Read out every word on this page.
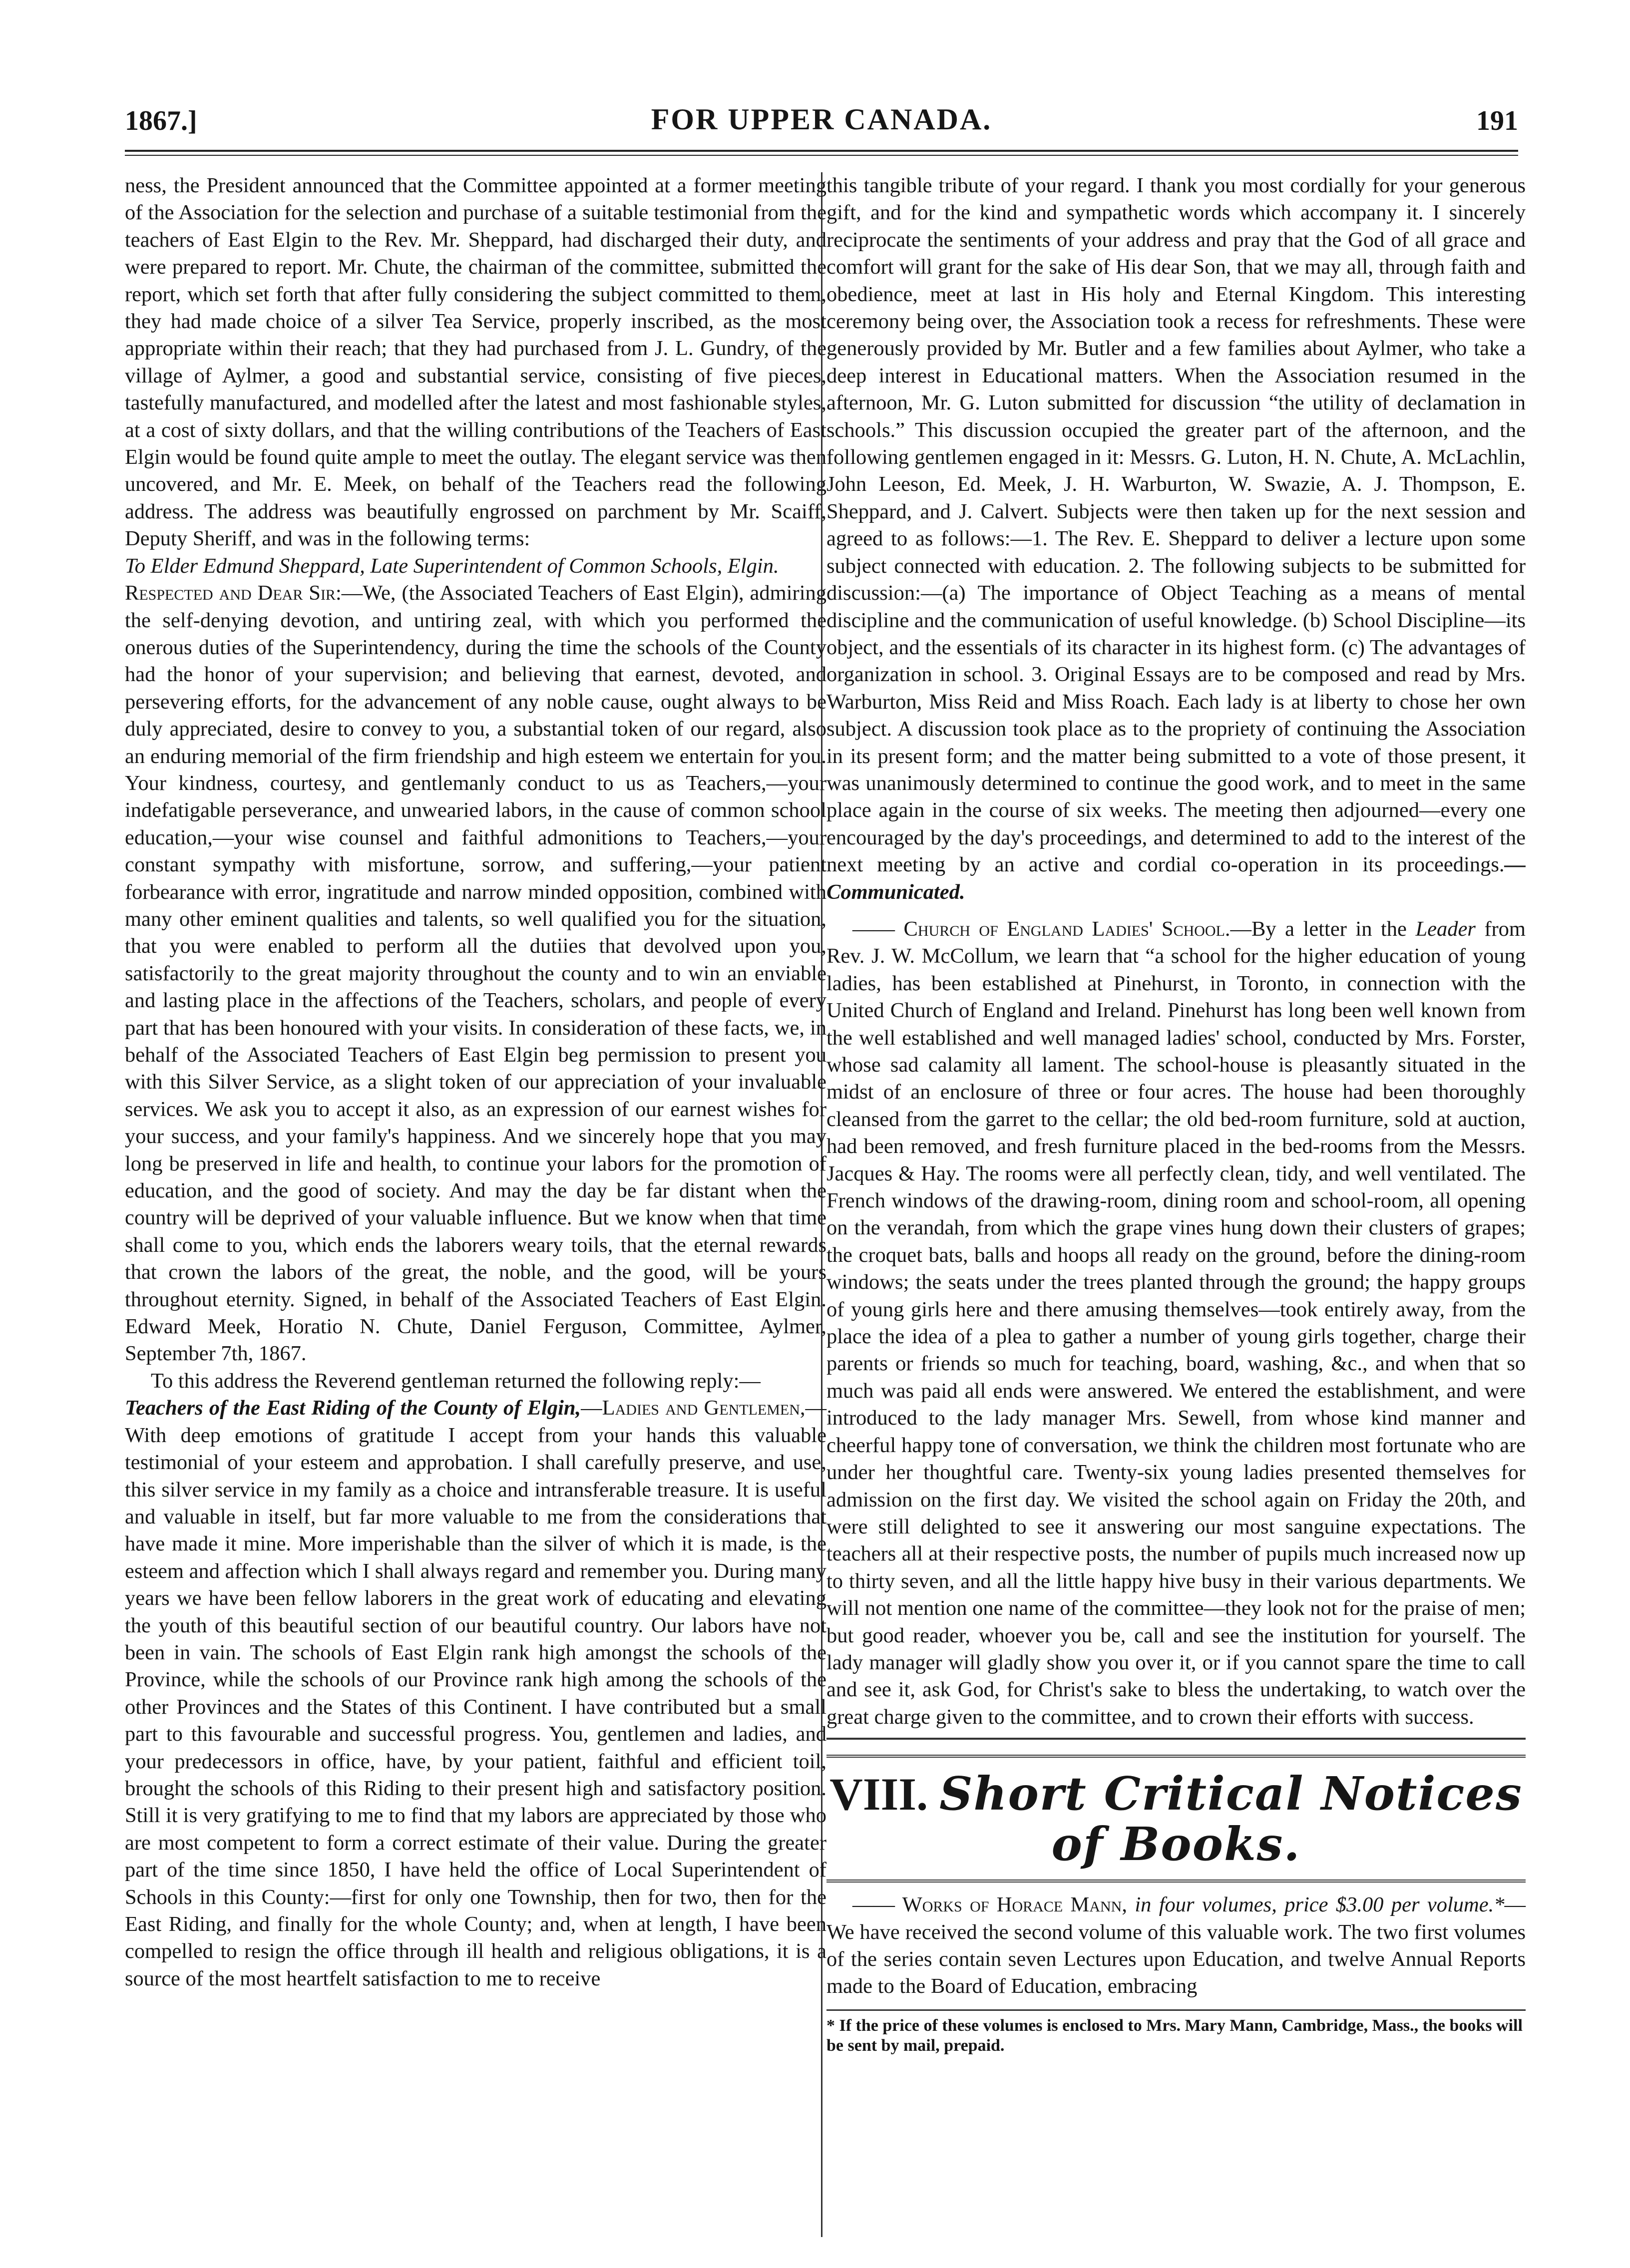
1867.]	FOR UPPER CANADA.	191

ness, the President announced that the Committee appointed at a former meeting of the Association for the selection and purchase of a suitable testimonial from the teachers of East Elgin to the Rev. Mr. Sheppard, had discharged their duty, and were prepared to report. Mr. Chute, the chairman of the committee, submitted the report, which set forth that after fully considering the subject committed to them, they had made choice of a silver Tea Service, properly inscribed, as the most appropriate within their reach; that they had purchased from J. L. Gundry, of the village of Aylmer, a good and substantial service, consisting of five pieces, tastefully manufactured, and modelled after the latest and most fashionable styles, at a cost of sixty dollars, and that the willing contributions of the Teachers of East Elgin would be found quite ample to meet the outlay. The elegant service was then uncovered, and Mr. E. Meek, on behalf of the Teachers read the following address. The address was beautifully engrossed on parchment by Mr. Scaiff, Deputy Sheriff, and was in the following terms:

To Elder Edmund Sheppard, Late Superintendent of Common Schools, Elgin.

Respected and Dear Sir:—We, (the Associated Teachers of East Elgin), admiring the self-denying devotion, and untiring zeal, with which you performed the onerous duties of the Superintendency, during the time the schools of the County had the honor of your supervision; and believing that earnest, devoted, and persevering efforts, for the advancement of any noble cause, ought always to be duly appreciated, desire to convey to you, a substantial token of our regard, also an enduring memorial of the firm friendship and high esteem we entertain for you. Your kindness, courtesy, and gentlemanly conduct to us as Teachers,—your indefatigable perseverance, and unwearied labors, in the cause of common school education,—your wise counsel and faithful admonitions to Teachers,—your constant sympathy with misfortune, sorrow, and suffering,—your patient forbearance with error, ingratitude and narrow minded opposition, combined with many other eminent qualities and talents, so well qualified you for the situation, that you were enabled to perform all the dutiies that devolved upon you, satisfactorily to the great majority throughout the county and to win an enviable and lasting place in the affections of the Teachers, scholars, and people of every part that has been honoured with your visits. In consideration of these facts, we, in behalf of the Associated Teachers of East Elgin beg permission to present you with this Silver Service, as a slight token of our appreciation of your invaluable services. We ask you to accept it also, as an expression of our earnest wishes for your success, and your family's happiness. And we sincerely hope that you may long be preserved in life and health, to continue your labors for the promotion of education, and the good of society. And may the day be far distant when the country will be deprived of your valuable influence. But we know when that time shall come to you, which ends the laborers weary toils, that the eternal rewards that crown the labors of the great, the noble, and the good, will be yours throughout eternity. Signed, in behalf of the Associated Teachers of East Elgin. Edward Meek, Horatio N. Chute, Daniel Ferguson, Committee, Aylmer, September 7th, 1867.

To this address the Reverend gentleman returned the following reply:—

Teachers of the East Riding of the County of Elgin,—Ladies and Gentlemen,—With deep emotions of gratitude I accept from your hands this valuable testimonial of your esteem and approbation. I shall carefully preserve, and use, this silver service in my family as a choice and intransferable treasure. It is useful and valuable in itself, but far more valuable to me from the considerations that have made it mine. More imperishable than the silver of which it is made, is the esteem and affection which I shall always regard and remember you. During many years we have been fellow laborers in the great work of educating and elevating the youth of this beautiful section of our beautiful country. Our labors have not been in vain. The schools of East Elgin rank high amongst the schools of the Province, while the schools of our Province rank high among the schools of the other Provinces and the States of this Continent. I have contributed but a small part to this favourable and successful progress. You, gentlemen and ladies, and your predecessors in office, have, by your patient, faithful and efficient toil, brought the schools of this Riding to their present high and satisfactory position. Still it is very gratifying to me to find that my labors are appreciated by those who are most competent to form a correct estimate of their value. During the greater part of the time since 1850, I have held the office of Local Superintendent of Schools in this County:—first for only one Township, then for two, then for the East Riding, and finally for the whole County; and, when at length, I have been compelled to resign the office through ill health and religious obligations, it is a source of the most heartfelt satisfaction to me to receive

this tangible tribute of your regard. I thank you most cordially for your generous gift, and for the kind and sympathetic words which accompany it. I sincerely reciprocate the sentiments of your address and pray that the God of all grace and comfort will grant for the sake of His dear Son, that we may all, through faith and obedience, meet at last in His holy and Eternal Kingdom. This interesting ceremony being over, the Association took a recess for refreshments. These were generously provided by Mr. Butler and a few families about Aylmer, who take a deep interest in Educational matters. When the Association resumed in the afternoon, Mr. G. Luton submitted for discussion “the utility of declamation in schools.” This discussion occupied the greater part of the afternoon, and the following gentlemen engaged in it: Messrs. G. Luton, H. N. Chute, A. McLachlin, John Leeson, Ed. Meek, J. H. Warburton, W. Swazie, A. J. Thompson, E. Sheppard, and J. Calvert. Subjects were then taken up for the next session and agreed to as follows:—1. The Rev. E. Sheppard to deliver a lecture upon some subject connected with education. 2. The following subjects to be submitted for discussion:—(a) The importance of Object Teaching as a means of mental discipline and the communication of useful knowledge. (b) School Discipline—its object, and the essentials of its character in its highest form. (c) The advantages of organization in school. 3. Original Essays are to be composed and read by Mrs. Warburton, Miss Reid and Miss Roach. Each lady is at liberty to chose her own subject. A discussion took place as to the propriety of continuing the Association in its present form; and the matter being submitted to a vote of those present, it was unanimously determined to continue the good work, and to meet in the same place again in the course of six weeks. The meeting then adjourned—every one encouraged by the day's proceedings, and determined to add to the interest of the next meeting by an active and cordial co-operation in its proceedings.—Communicated.

—— Church of England Ladies' School.—By a letter in the Leader from Rev. J. W. McCollum, we learn that “a school for the higher education of young ladies, has been established at Pinehurst, in Toronto, in connection with the United Church of England and Ireland. Pinehurst has long been well known from the well established and well managed ladies' school, conducted by Mrs. Forster, whose sad calamity all lament. The school-house is pleasantly situated in the midst of an enclosure of three or four acres. The house had been thoroughly cleansed from the garret to the cellar; the old bed-room furniture, sold at auction, had been removed, and fresh furniture placed in the bed-rooms from the Messrs. Jacques & Hay. The rooms were all perfectly clean, tidy, and well ventilated. The French windows of the drawing-room, dining room and school-room, all opening on the verandah, from which the grape vines hung down their clusters of grapes; the croquet bats, balls and hoops all ready on the ground, before the dining-room windows; the seats under the trees planted through the ground; the happy groups of young girls here and there amusing themselves—took entirely away, from the place the idea of a plea to gather a number of young girls together, charge their parents or friends so much for teaching, board, washing, &c., and when that so much was paid all ends were answered. We entered the establishment, and were introduced to the lady manager Mrs. Sewell, from whose kind manner and cheerful happy tone of conversation, we think the children most fortunate who are under her thoughtful care. Twenty-six young ladies presented themselves for admission on the first day. We visited the school again on Friday the 20th, and were still delighted to see it answering our most sanguine expectations. The teachers all at their respective posts, the number of pupils much increased now up to thirty seven, and all the little happy hive busy in their various departments. We will not mention one name of the committee—they look not for the praise of men; but good reader, whoever you be, call and see the institution for yourself. The lady manager will gladly show you over it, or if you cannot spare the time to call and see it, ask God, for Christ's sake to bless the undertaking, to watch over the great charge given to the committee, and to crown their efforts with success.

VIII. Short Critical Notices of Books.

—— Works of Horace Mann, in four volumes, price $3.00 per volume.*—We have received the second volume of this valuable work. The two first volumes of the series contain seven Lectures upon Education, and twelve Annual Reports made to the Board of Education, embracing

* If the price of these volumes is enclosed to Mrs. Mary Mann, Cambridge, Mass., the books will be sent by mail, prepaid.
